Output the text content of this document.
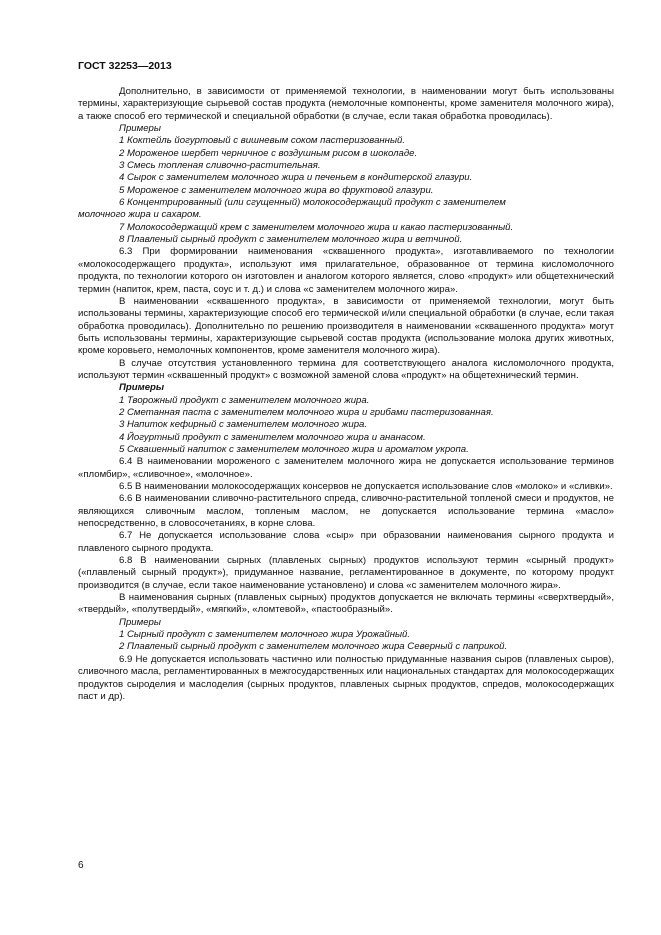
ГОСТ 32253—2013

Дополнительно, в зависимости от применяемой технологии, в наименовании могут быть использованы термины, характеризующие сырьевой состав продукта (немолочные компоненты, кроме заменителя молочного жира), а также способ его термической и специальной обработки (в случае, если такая обработка проводилась).

Примеры

1 Коктейль йогуртовый с вишневым соком пастеризованный.

2 Мороженое шербет черничное с воздушным рисом в шоколаде.

3 Смесь топленая сливочно-растительная.

4 Сырок с заменителем молочного жира и печеньем в кондитерской глазури.

5 Мороженое с заменителем молочного жира во фруктовой глазури.

6 Концентрированный (или сгущенный) молокосодержащий продукт с заменителем

молочного жира и сахаром.

7 Молокосодержащий крем с заменителем молочного жира и какао пастеризованный.

8 Плавленый сырный продукт с заменителем молочного жира и ветчиной.

6.3 При формировании наименования «сквашенного продукта», изготавливаемого по технологии «молокосодержащего продукта», используют имя прилагательное, образованное от термина кисломолочного продукта, по технологии которого он изготовлен и аналогом которого является, слово «продукт» или общетехнический термин (напиток, крем, паста, соус и т. д.) и слова «с заменителем молочного жира».

В наименовании «сквашенного продукта», в зависимости от применяемой технологии, могут быть использованы термины, характеризующие способ его термической и/или специальной обработки (в случае, если такая обработка проводилась). Дополнительно по решению производителя в наименовании «сквашенного продукта» могут быть использованы термины, характеризующие сырьевой состав продукта (использование молока других животных, кроме коровьего, немолочных компонентов, кроме заменителя молочного жира).

В случае отсутствия установленного термина для соответствующего аналога кисломолочного продукта, используют термин «сквашенный продукт» с возможной заменой слова «продукт» на общетехнический термин.

Примеры

1 Творожный продукт с заменителем молочного жира.

2 Сметанная паста с заменителем молочного жира и грибами пастеризованная.

3 Напиток кефирный с заменителем молочного жира.

4 Йогуртный продукт с заменителем молочного жира и ананасом.

5 Сквашенный напиток с заменителем молочного жира и ароматом укропа.

6.4 В наименовании мороженого с заменителем молочного жира не допускается использование терминов «пломбир», «сливочное», «молочное».

6.5 В наименовании молокосодержащих консервов не допускается использование слов «молоко» и «сливки».

6.6 В наименовании сливочно-растительного спреда, сливочно-растительной топленой смеси и продуктов, не являющихся сливочным маслом, топленым маслом, не допускается использование термина «масло» непосредственно, в словосочетаниях, в корне слова.

6.7 Не допускается использование слова «сыр» при образовании наименования сырного продукта и плавленого сырного продукта.

6.8 В наименовании сырных (плавленых сырных) продуктов используют термин «сырный продукт» («плавленый сырный продукт»), придуманное название, регламентированное в документе, по которому продукт производится (в случае, если такое наименование установлено) и слова «с заменителем молочного жира».

В наименования сырных (плавленых сырных) продуктов допускается не включать термины «сверхтвердый», «твердый», «полутвердый», «мягкий», «ломтевой», «пастообразный».

Примеры

1 Сырный продукт с заменителем молочного жира Урожайный.

2 Плавленый сырный продукт с заменителем молочного жира Северный с паприкой.

6.9 Не допускается использовать частично или полностью придуманные названия сыров (плавленых сыров), сливочного масла, регламентированных в межгосударственных или национальных стандартах для молокосодержащих продуктов сыроделия и маслоделия (сырных продуктов, плавленых сырных продуктов, спредов, молокосодержащих паст и др).

6
